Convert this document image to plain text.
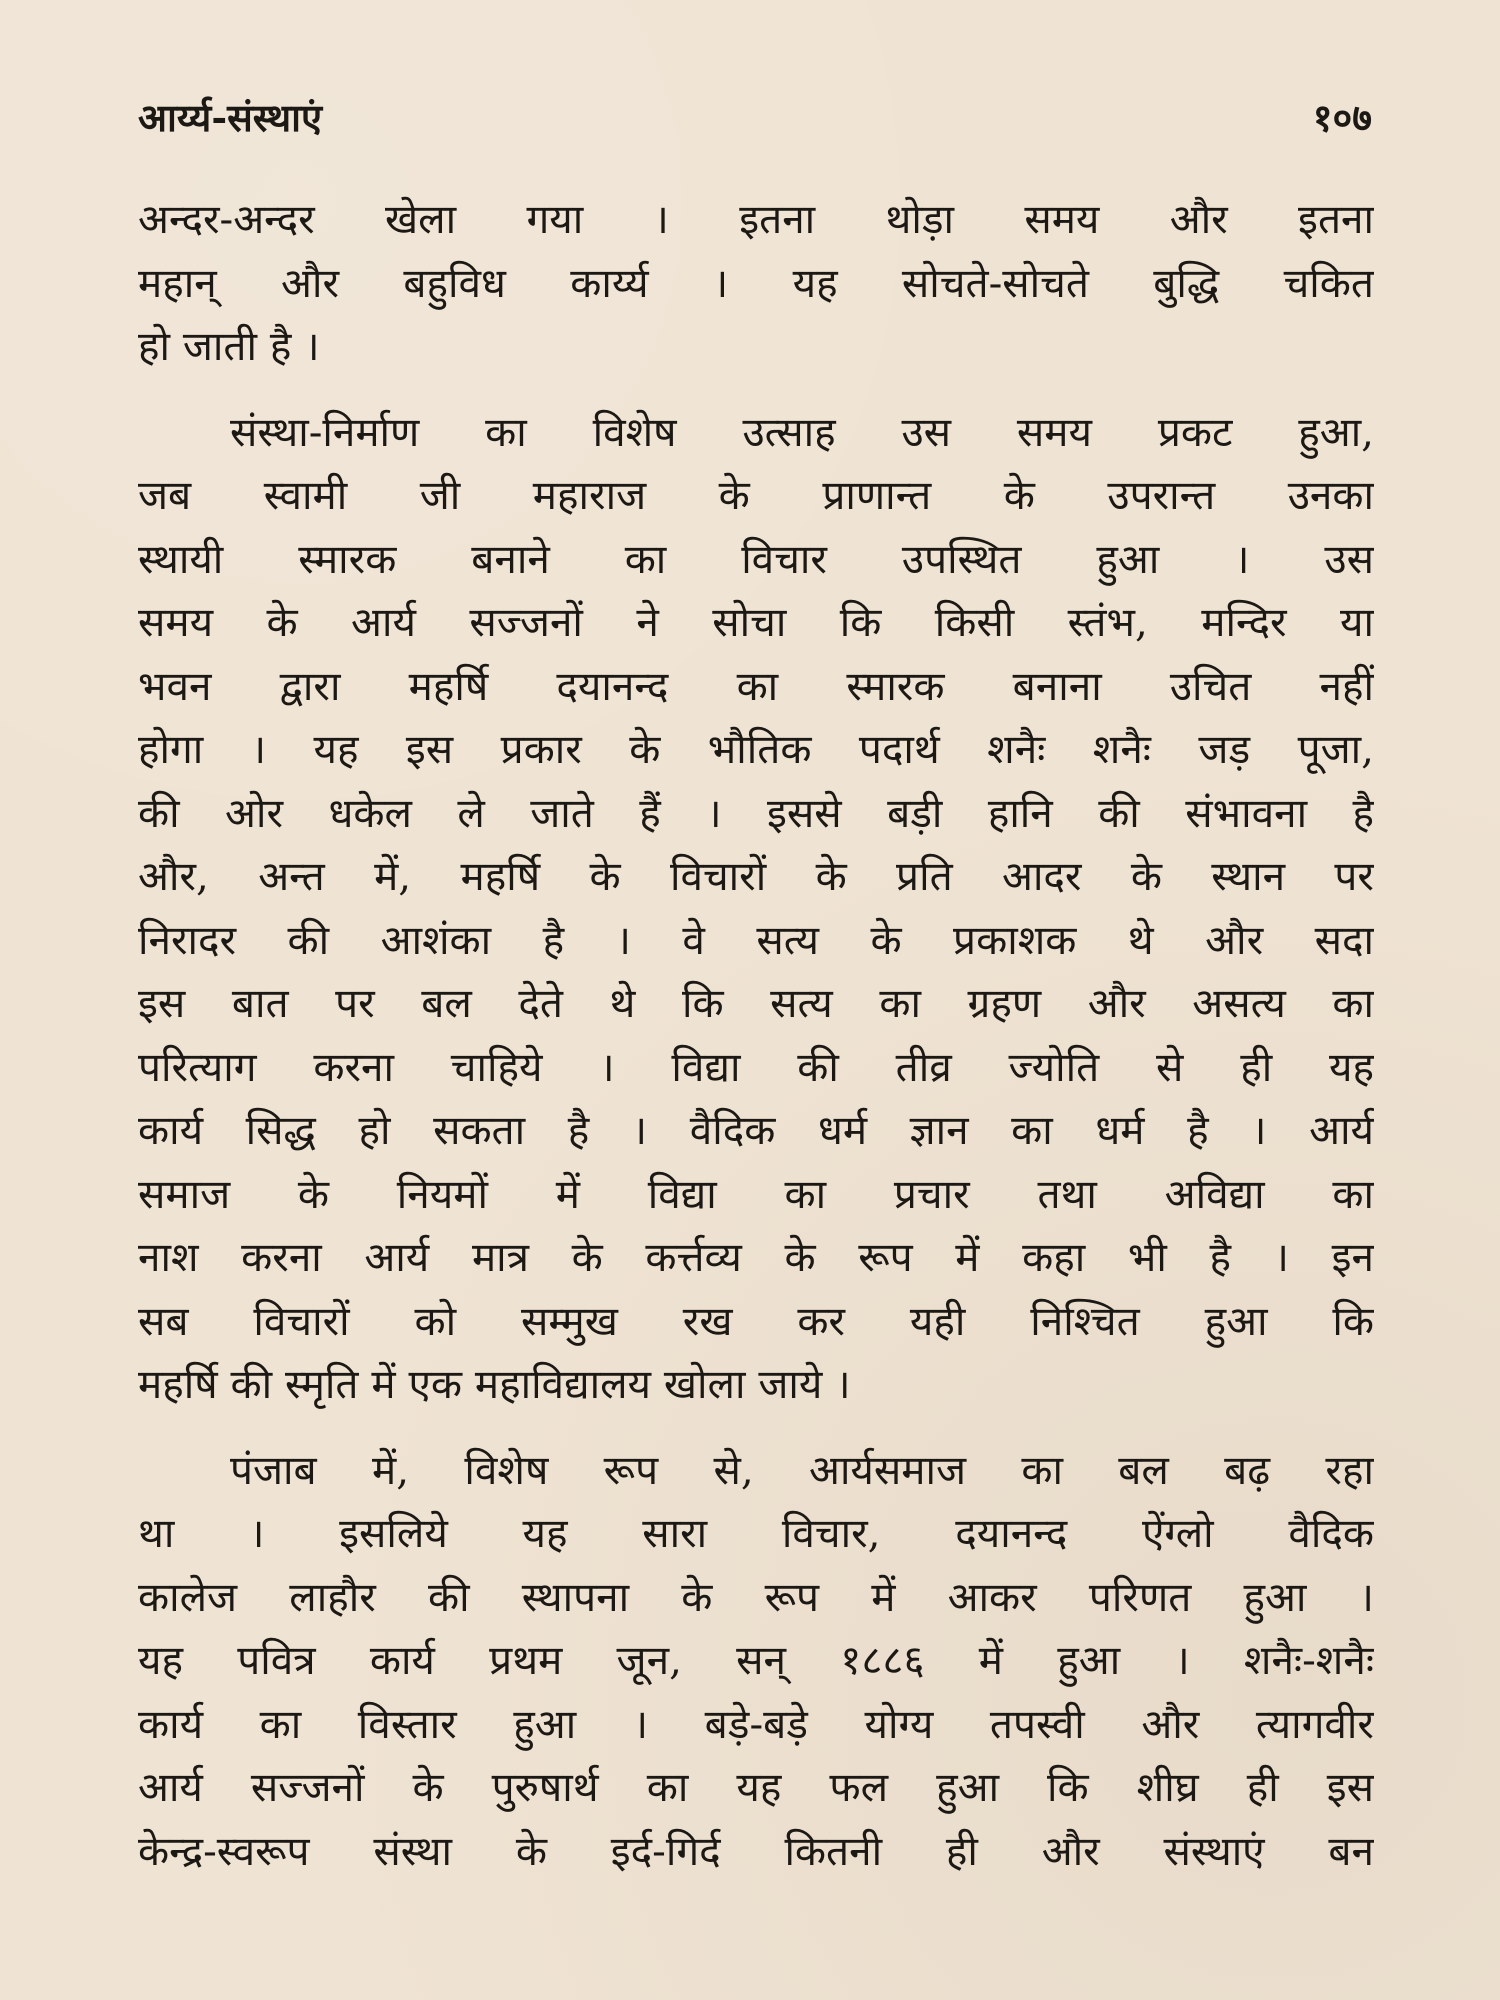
आर्य्य-संस्थाएं	१०७
अन्दर-अन्दर खेला गया । इतना थोड़ा समय और इतना
महान् और बहुविध कार्य्य । यह सोचते-सोचते बुद्धि चकित
हो जाती है ।
संस्था-निर्माण का विशेष उत्साह उस समय प्रकट हुआ,
जब स्वामी जी महाराज के प्राणान्त के उपरान्त उनका
स्थायी स्मारक बनाने का विचार उपस्थित हुआ । उस
समय के आर्य सज्जनों ने सोचा कि किसी स्तंभ, मन्दिर या
भवन द्वारा महर्षि दयानन्द का स्मारक बनाना उचित नहीं
होगा । यह इस प्रकार के भौतिक पदार्थ शनैः शनैः जड़ पूजा,
की ओर धकेल ले जाते हैं । इससे बड़ी हानि की संभावना है
और, अन्त में, महर्षि के विचारों के प्रति आदर के स्थान पर
निरादर की आशंका है । वे सत्य के प्रकाशक थे और सदा
इस बात पर बल देते थे कि सत्य का ग्रहण और असत्य का
परित्याग करना चाहिये । विद्या की तीव्र ज्योति से ही यह
कार्य सिद्ध हो सकता है । वैदिक धर्म ज्ञान का धर्म है । आर्य
समाज के नियमों में विद्या का प्रचार तथा अविद्या का
नाश करना आर्य मात्र के कर्त्तव्य के रूप में कहा भी है । इन
सब विचारों को सम्मुख रख कर यही निश्चित हुआ कि
महर्षि की स्मृति में एक महाविद्यालय खोला जाये ।
पंजाब में, विशेष रूप से, आर्यसमाज का बल बढ़ रहा
था । इसलिये यह सारा विचार, दयानन्द ऐंग्लो वैदिक
कालेज लाहौर की स्थापना के रूप में आकर परिणत हुआ ।
यह पवित्र कार्य प्रथम जून, सन् १८८६ में हुआ । शनैः-शनैः
कार्य का विस्तार हुआ । बड़े-बड़े योग्य तपस्वी और त्यागवीर
आर्य सज्जनों के पुरुषार्थ का यह फल हुआ कि शीघ्र ही इस
केन्द्र-स्वरूप संस्था के इर्द-गिर्द कितनी ही और संस्थाएं बन
